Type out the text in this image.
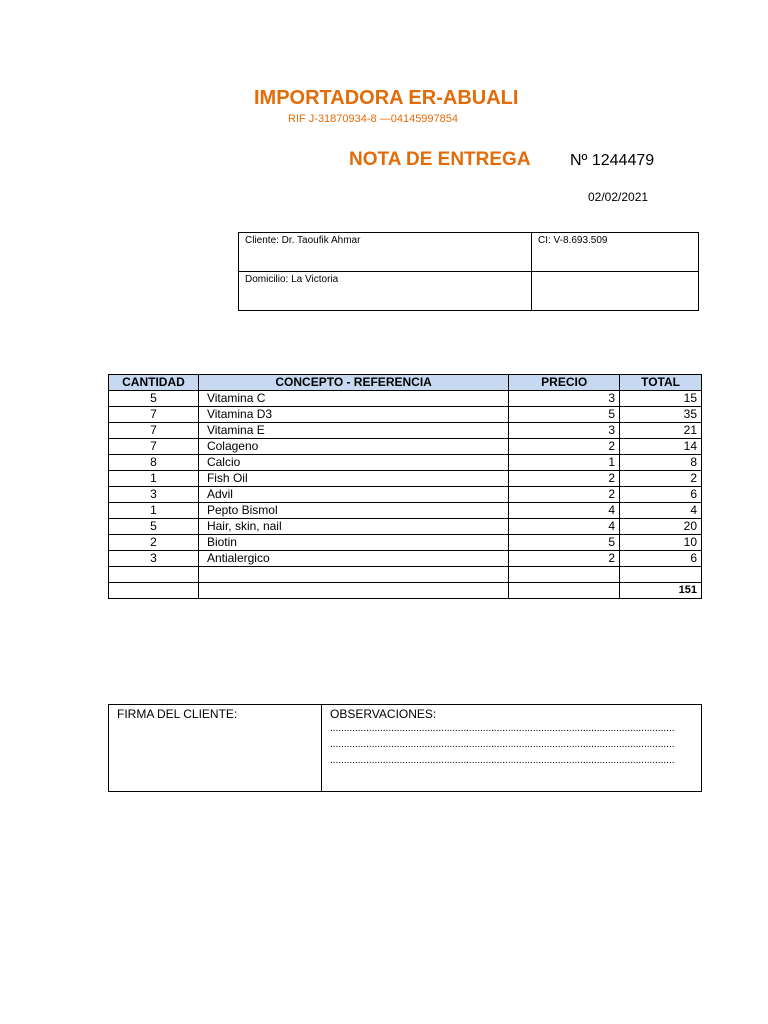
IMPORTADORA ER-ABUALI
RIF J-31870934-8 —04145997854
NOTA DE ENTREGA Nº 1244479
02/02/2021
Cliente: Dr. Taoufik Ahmar	CI: V-8.693.509
Domicilio: La Victoria	
CANTIDAD	CONCEPTO - REFERENCIA	PRECIO	TOTAL
5	Vitamina C	3	15
7	Vitamina D3	5	35
7	Vitamina E	3	21
7	Colageno	2	14
8	Calcio	1	8
1	Fish Oil	2	2
3	Advil	2	6
1	Pepto Bismol	4	4
5	Hair, skin, nail	4	20
2	Biotin	5	10
3	Antialergico	2	6

			151
FIRMA DEL CLIENTE:	OBSERVACIONES:
............................................................................................................................
............................................................................................................................
............................................................................................................................
